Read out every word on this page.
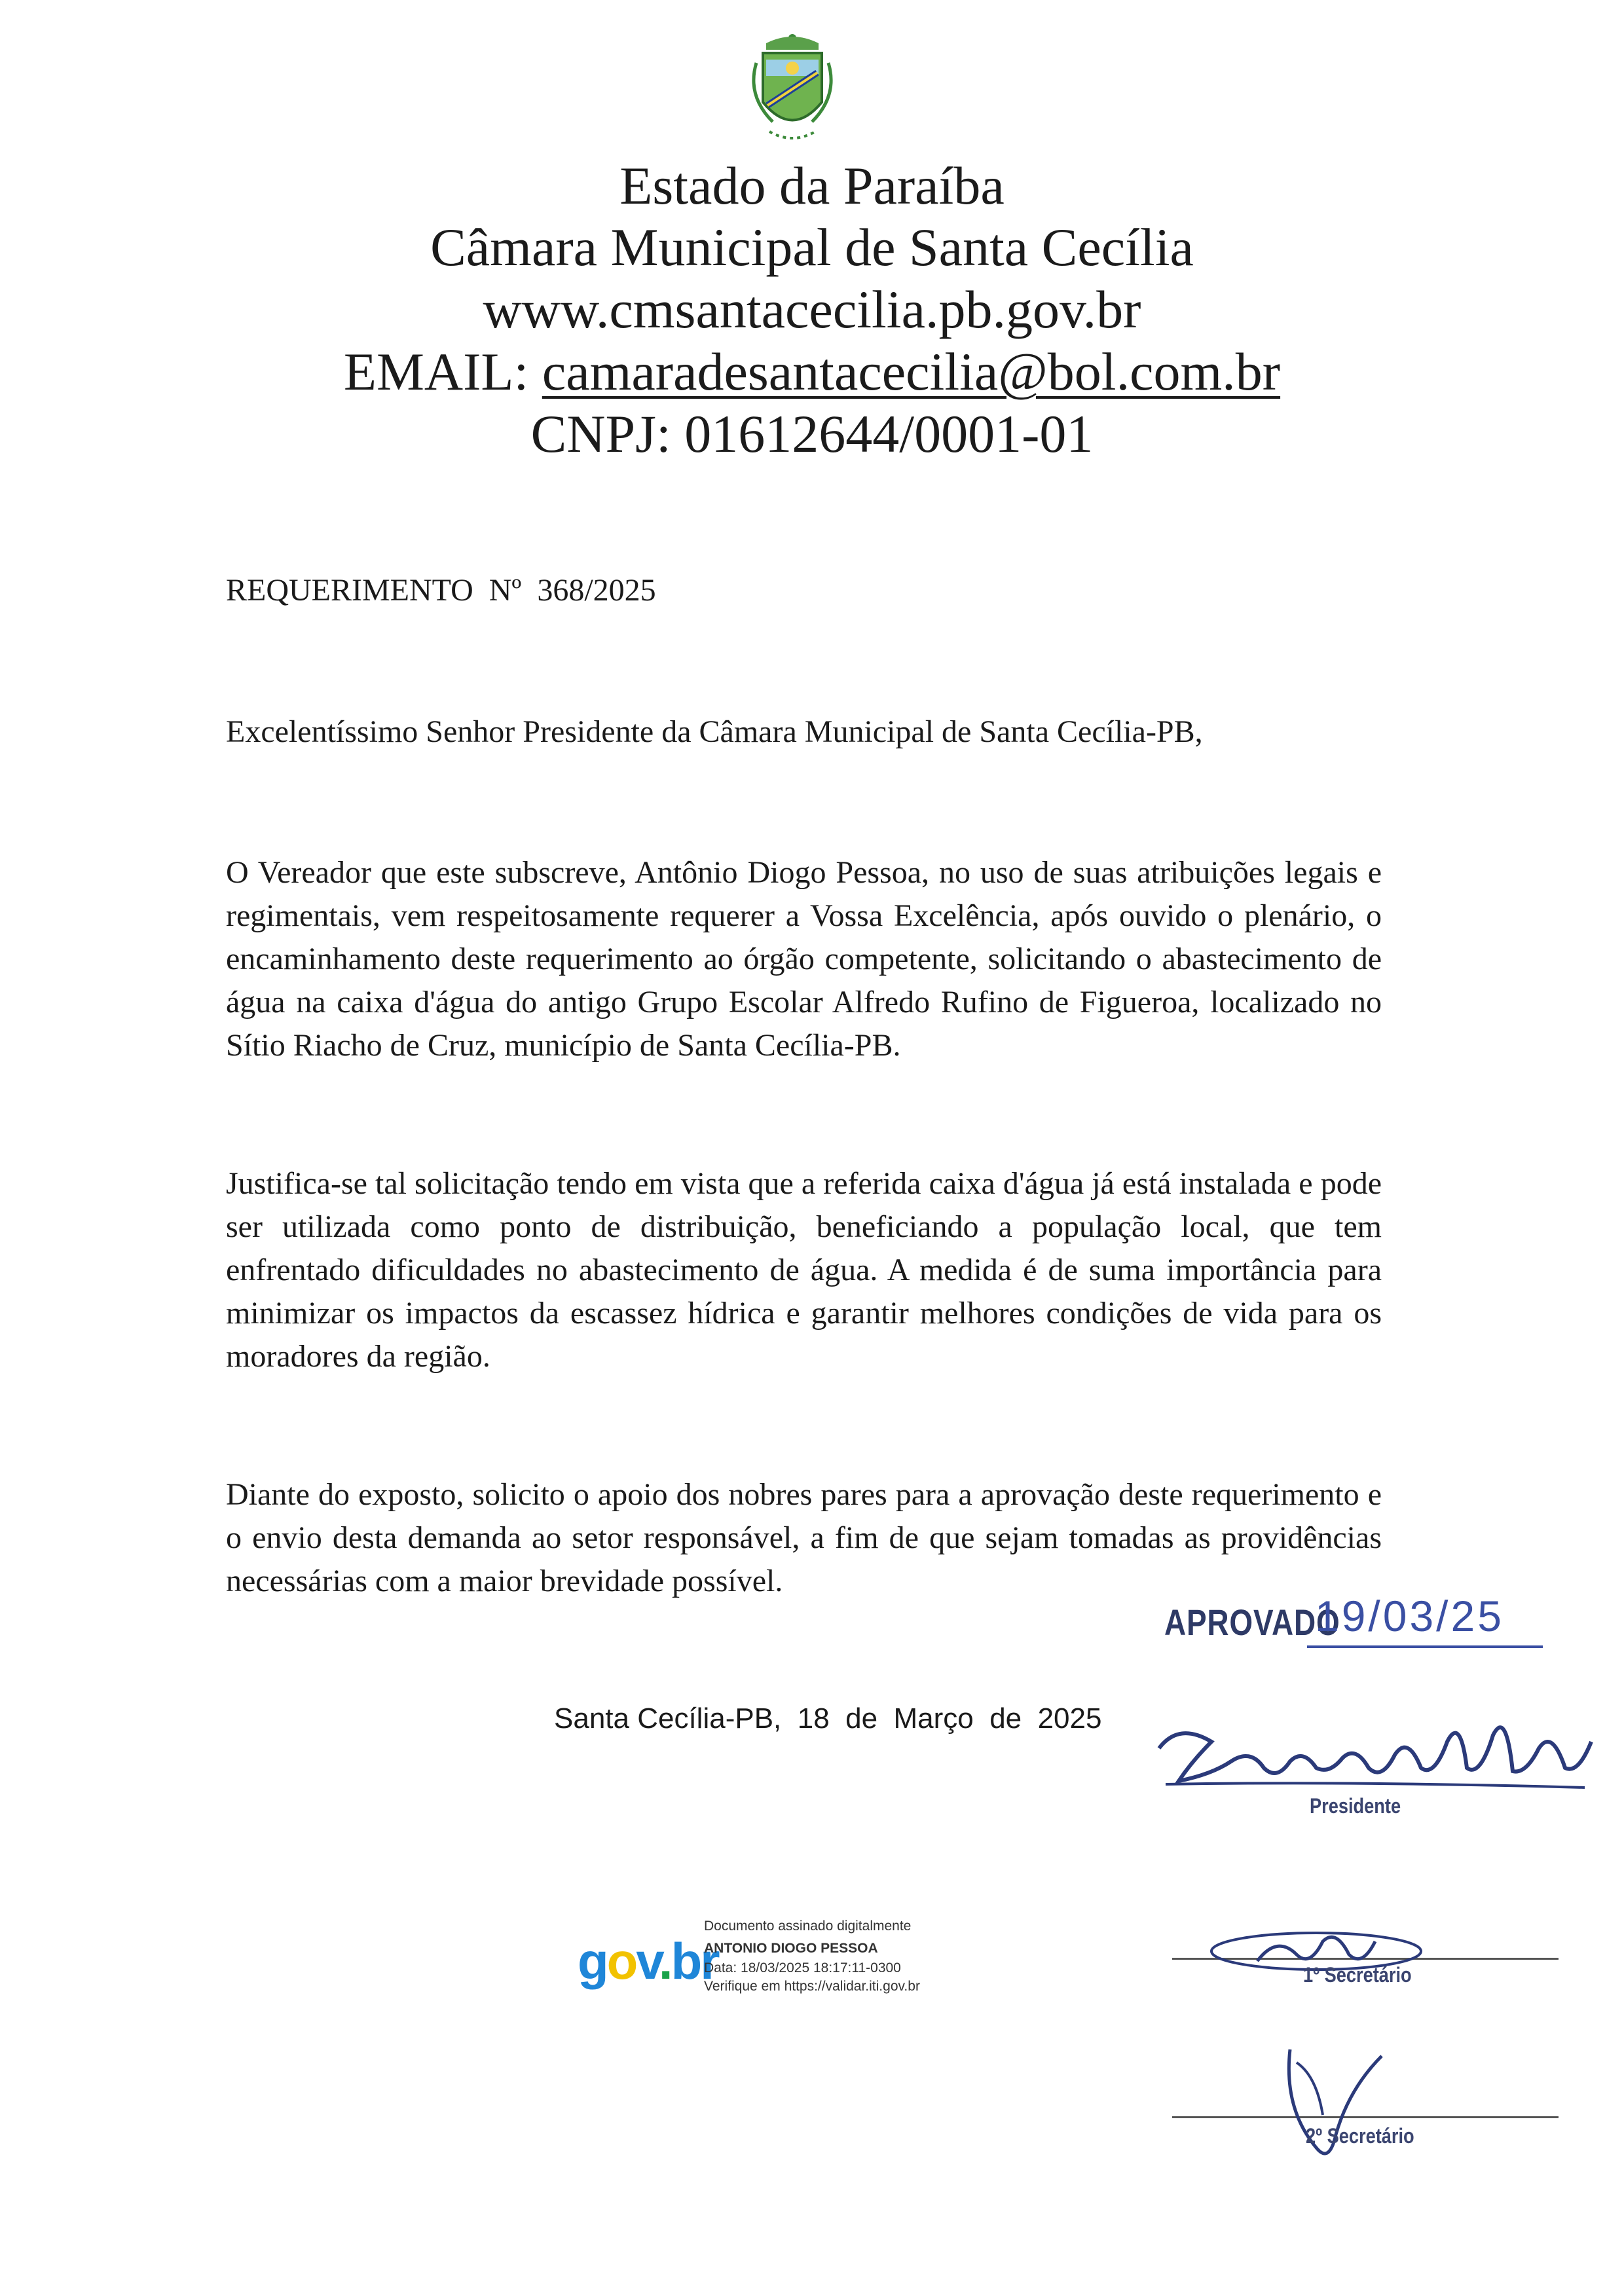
Estado da Paraíba
Câmara Municipal de Santa Cecília
www.cmsantacecilia.pb.gov.br
EMAIL: camaradesantacecilia@bol.com.br
CNPJ: 01612644/0001-01
REQUERIMENTO  Nº  368/2025
Excelentíssimo Senhor Presidente da Câmara Municipal de Santa Cecília-PB,
O Vereador que este subscreve, Antônio Diogo Pessoa, no uso de suas atribuições legais e regimentais, vem respeitosamente requerer a Vossa Excelência, após ouvido o plenário, o encaminhamento deste requerimento ao órgão competente, solicitando o abastecimento de água na caixa d'água do antigo Grupo Escolar Alfredo Rufino de Figueroa, localizado no Sítio Riacho de Cruz, município de Santa Cecília-PB.
Justifica-se tal solicitação tendo em vista que a referida caixa d'água já está instalada e pode ser utilizada como ponto de distribuição, beneficiando a população local, que tem enfrentado dificuldades no abastecimento de água. A medida é de suma importância para minimizar os impactos da escassez hídrica e garantir melhores condições de vida para os moradores da região.
Diante do exposto, solicito o apoio dos nobres pares para a aprovação deste requerimento e o envio desta demanda ao setor responsável, a fim de que sejam tomadas as providências necessárias com a maior brevidade possível.
Santa Cecília-PB,  18  de  Março  de  2025
APROVADO
19/03/25
Presidente
gov.br
Documento assinado digitalmente
ANTONIO DIOGO PESSOA
Data: 18/03/2025 18:17:11-0300
Verifique em https://validar.iti.gov.br	1º Secretário
2º Secretário
